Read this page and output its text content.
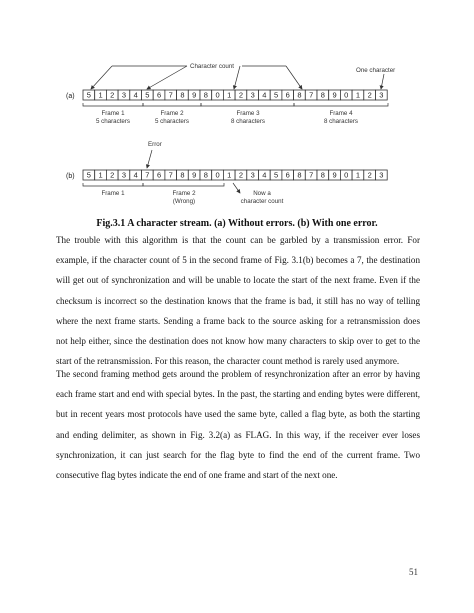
(a) 5 1 2 3 4 5 6 7 8 9 8 0 1 2 3 4 5 6 8 7 8 9 0 1 2 3
Character count
One character
Frame 1
5 characters
Frame 2
5 characters
Frame 3
8 characters
Frame 4
8 characters
(b) 5 1 2 3 4 7 6 7 8 9 8 0 1 2 3 4 5 6 8 7 8 9 0 1 2 3
Error
Frame 1	Frame 2
(Wrong)
Now a
character count

Fig.3.1 A character stream. (a) Without errors. (b) With one error.

The trouble with this algorithm is that the count can be garbled by a transmission error. For example, if the character count of 5 in the second frame of Fig. 3.1(b) becomes a 7, the destination will get out of synchronization and will be unable to locate the start of the next frame. Even if the checksum is incorrect so the destination knows that the frame is bad, it still has no way of telling where the next frame starts. Sending a frame back to the source asking for a retransmission does not help either, since the destination does not know how many characters to skip over to get to the start of the retransmission. For this reason, the character count method is rarely used anymore.

The second framing method gets around the problem of resynchronization after an error by having each frame start and end with special bytes. In the past, the starting and ending bytes were different, but in recent years most protocols have used the same byte, called a flag byte, as both the starting and ending delimiter, as shown in Fig. 3.2(a) as FLAG. In this way, if the receiver ever loses synchronization, it can just search for the flag byte to find the end of the current frame. Two consecutive flag bytes indicate the end of one frame and start of the next one.

51
